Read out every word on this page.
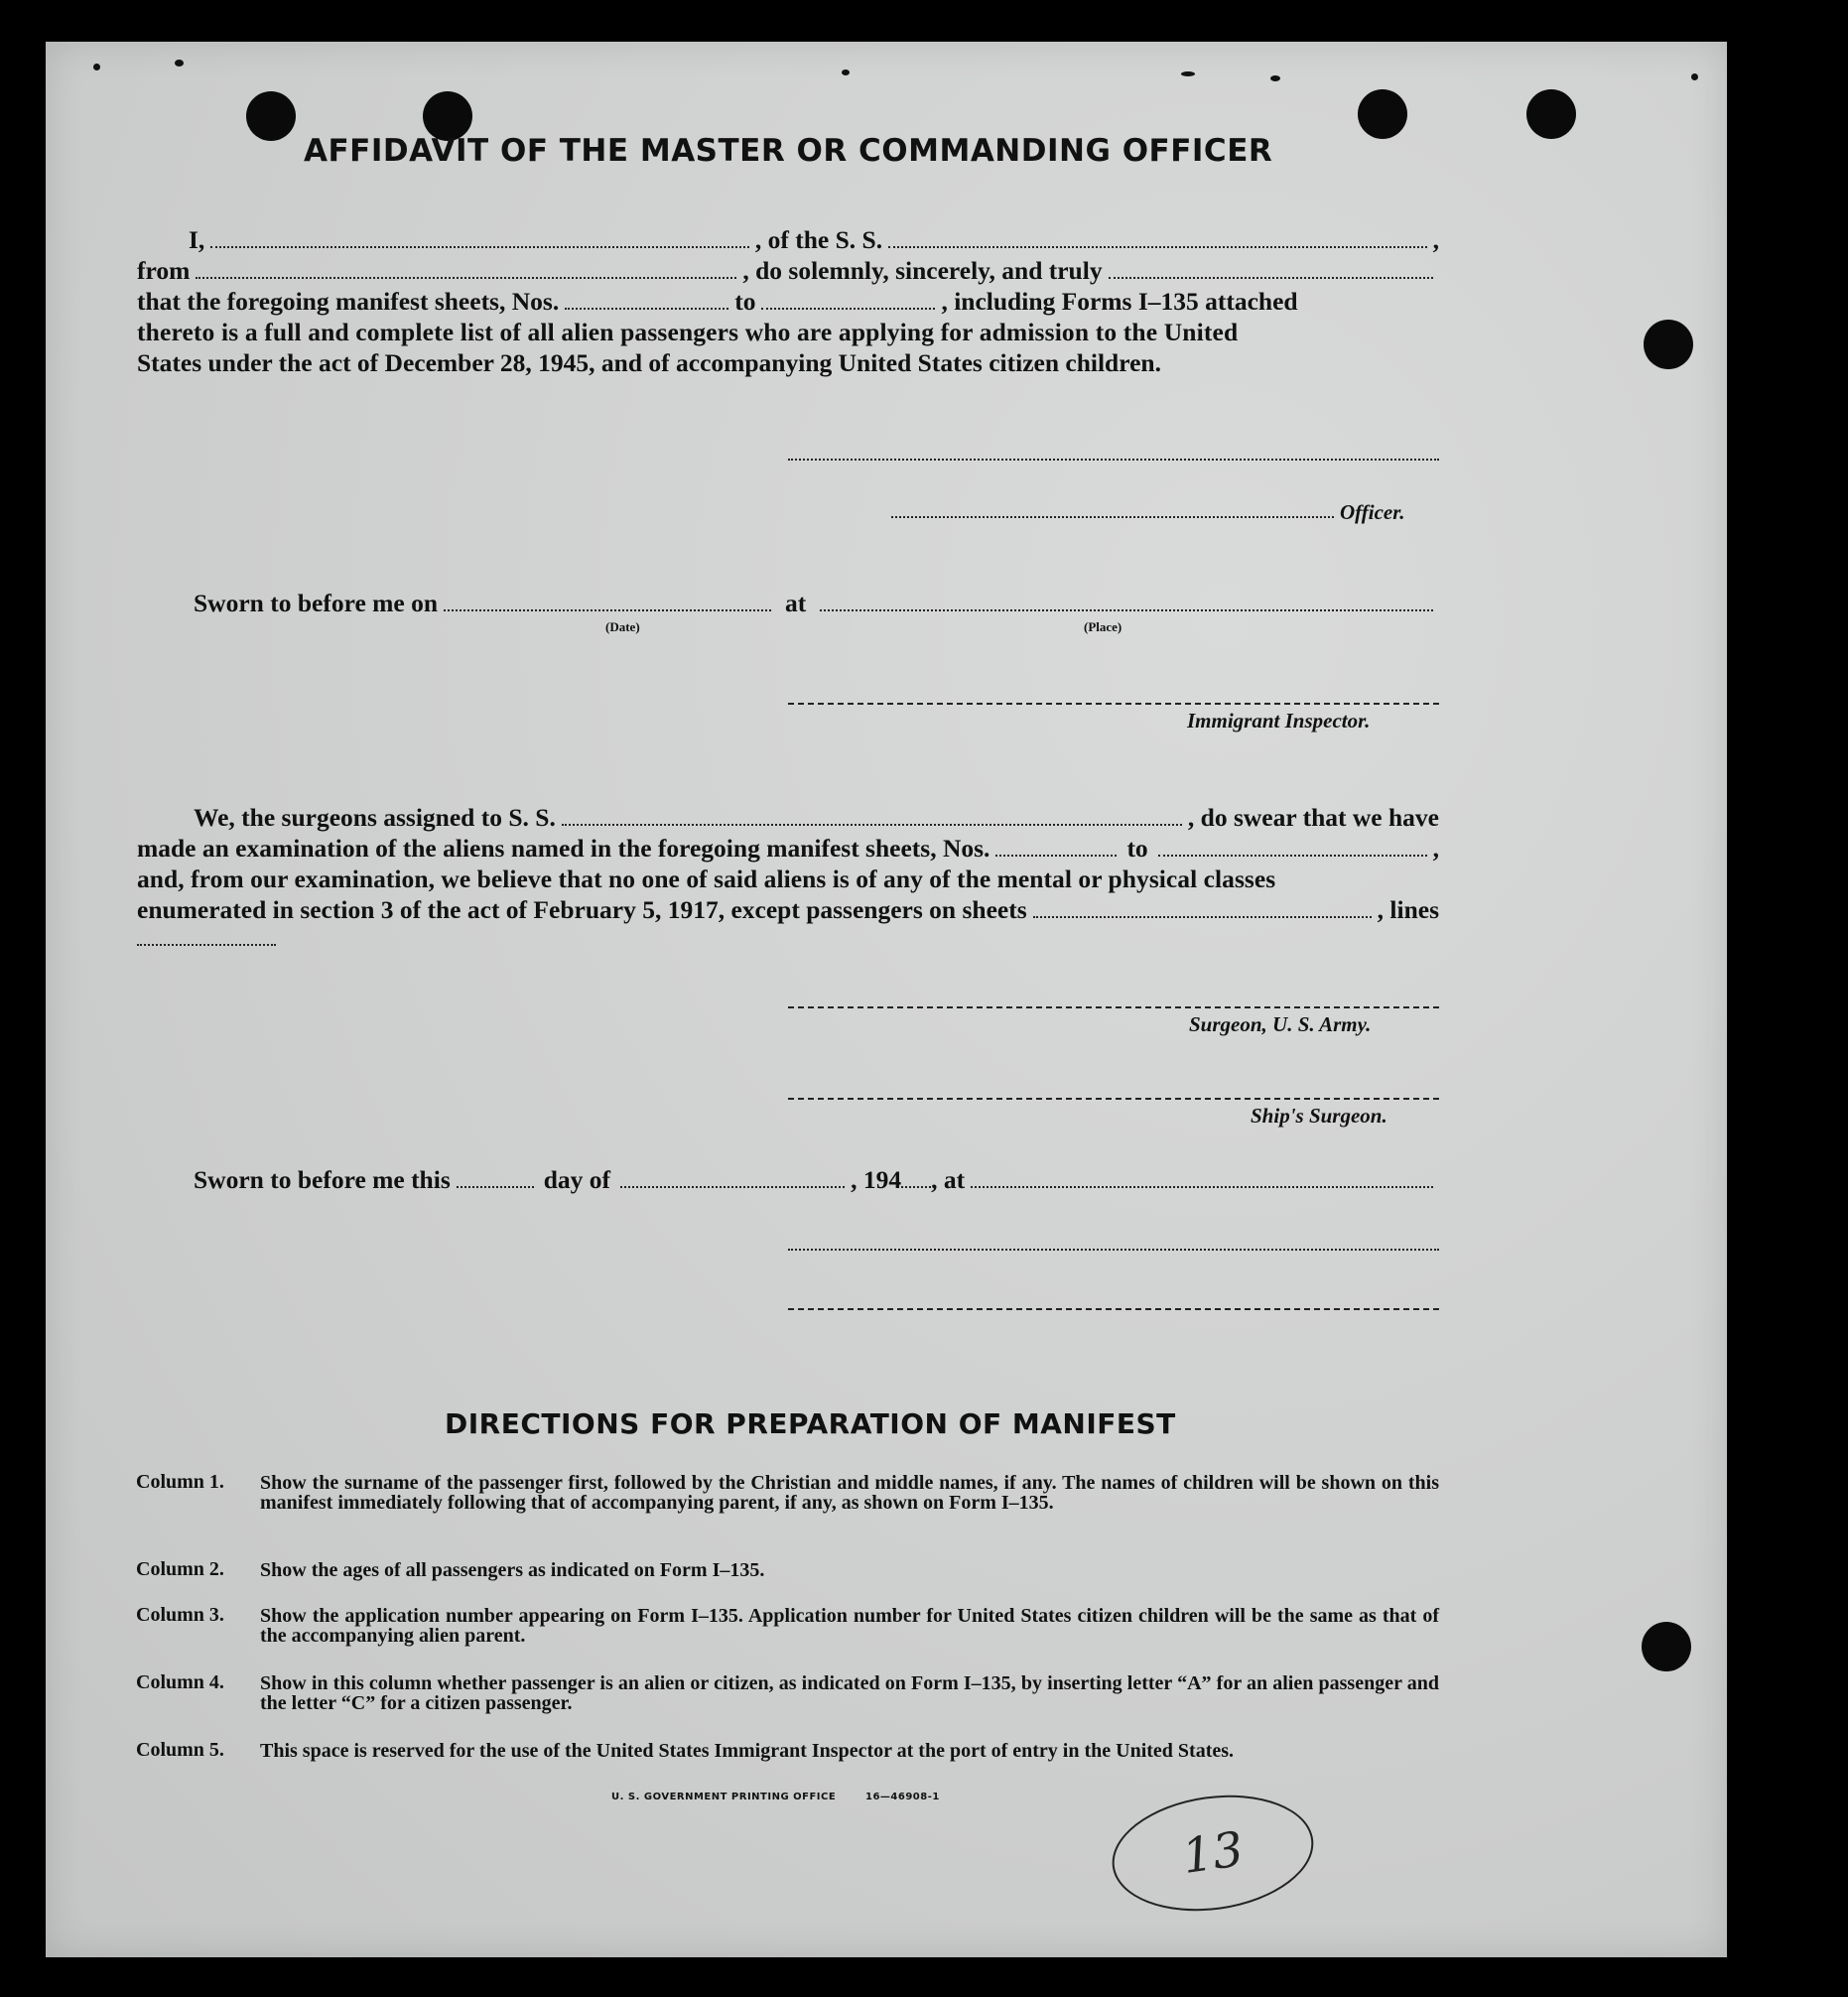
AFFIDAVIT OF THE MASTER OR COMMANDING OFFICER
I,	, of the S. S.	,
from	, do solemnly, sincerely, and truly
that the foregoing manifest sheets, Nos.	to	, including Forms I–135 attached
thereto is a full and complete list of all alien passengers who are applying for admission to the United
States under the act of December 28, 1945, and of accompanying United States citizen children.
Officer.
Sworn to before me on	at
(Date)	(Place)
Immigrant Inspector.
We, the surgeons assigned to S. S.	, do swear that we have
made an examination of the aliens named in the foregoing manifest sheets, Nos.	to	,
and, from our examination, we believe that no one of said aliens is of any of the mental or physical classes
enumerated in section 3 of the act of February 5, 1917, except passengers on sheets	, lines
Surgeon, U. S. Army.
Ship's Surgeon.
Sworn to before me this	day of	, 194 , at
DIRECTIONS FOR PREPARATION OF MANIFEST
Column 1. Show the surname of the passenger first, followed by the Christian and middle names, if any. The names of children will be shown on this manifest immediately following that of accompanying parent, if any, as shown on Form I–135.
Column 2. Show the ages of all passengers as indicated on Form I–135.
Column 3. Show the application number appearing on Form I–135. Application number for United States citizen children will be the same as that of the accompanying alien parent.
Column 4. Show in this column whether passenger is an alien or citizen, as indicated on Form I–135, by inserting letter “A” for an alien passenger and the letter “C” for a citizen passenger.
Column 5. This space is reserved for the use of the United States Immigrant Inspector at the port of entry in the United States.
U. S. GOVERNMENT PRINTING OFFICE	16—46908-1
13
